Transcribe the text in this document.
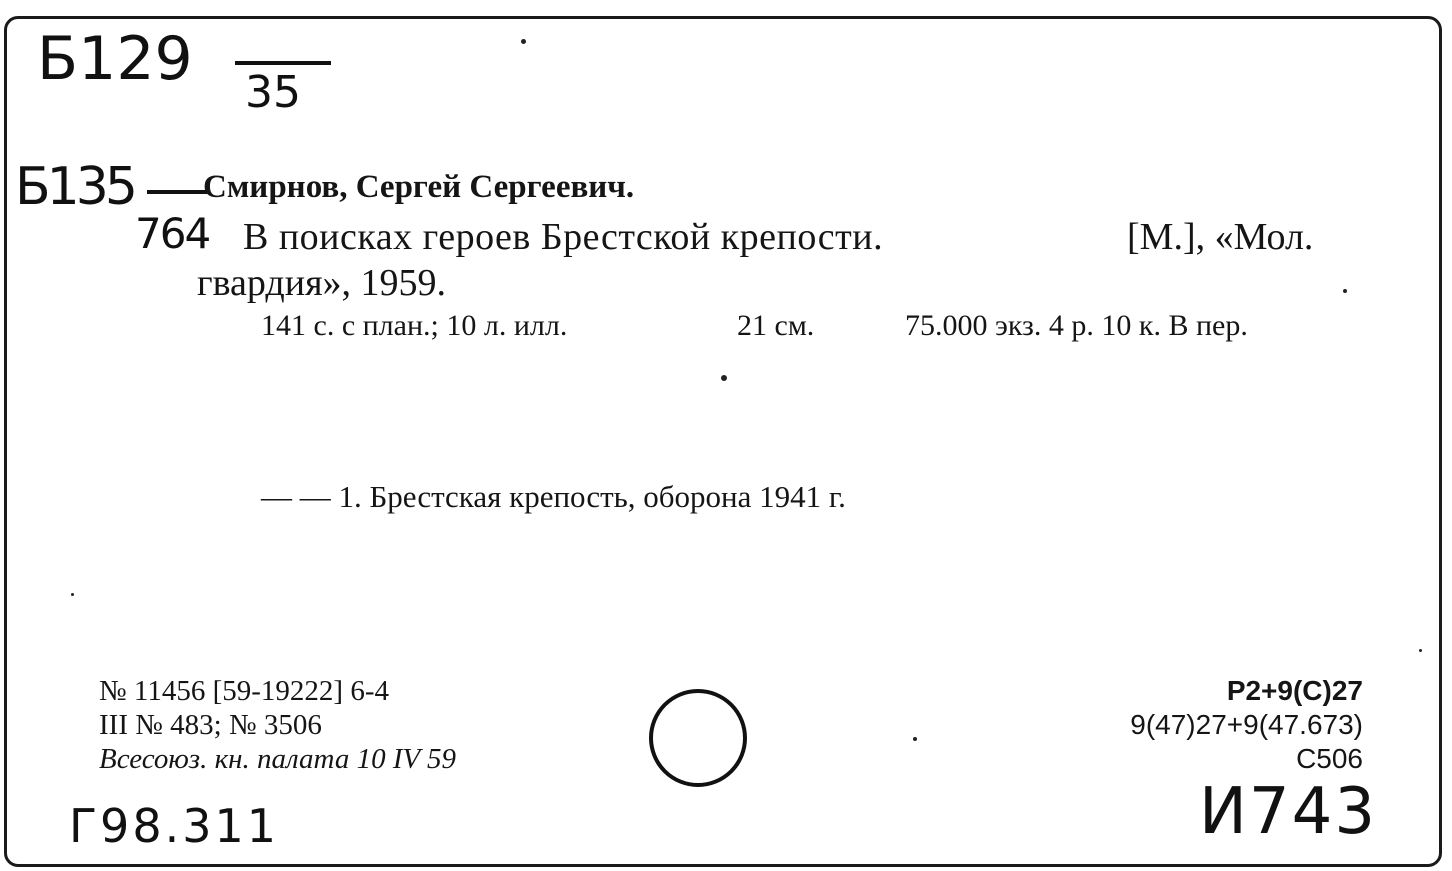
Б129 35
Б135
764
Смирнов, Сергей Сергеевич.
В поисках героев Брестской крепости.	[М.], «Мол.
гвардия», 1959.
141 с. с план.; 10 л. илл.	21 см.	75.000 экз. 4 р. 10 к. В пер.
— — 1. Брестская крепость, оборона 1941 г.
№ 11456 [59-19222] 6-4
III № 483; № 3506
Всесоюз. кн. палата 10 IV 59
Р2+9(С)27
9(47)27+9(47.673)
С506
Г98.311	И743
